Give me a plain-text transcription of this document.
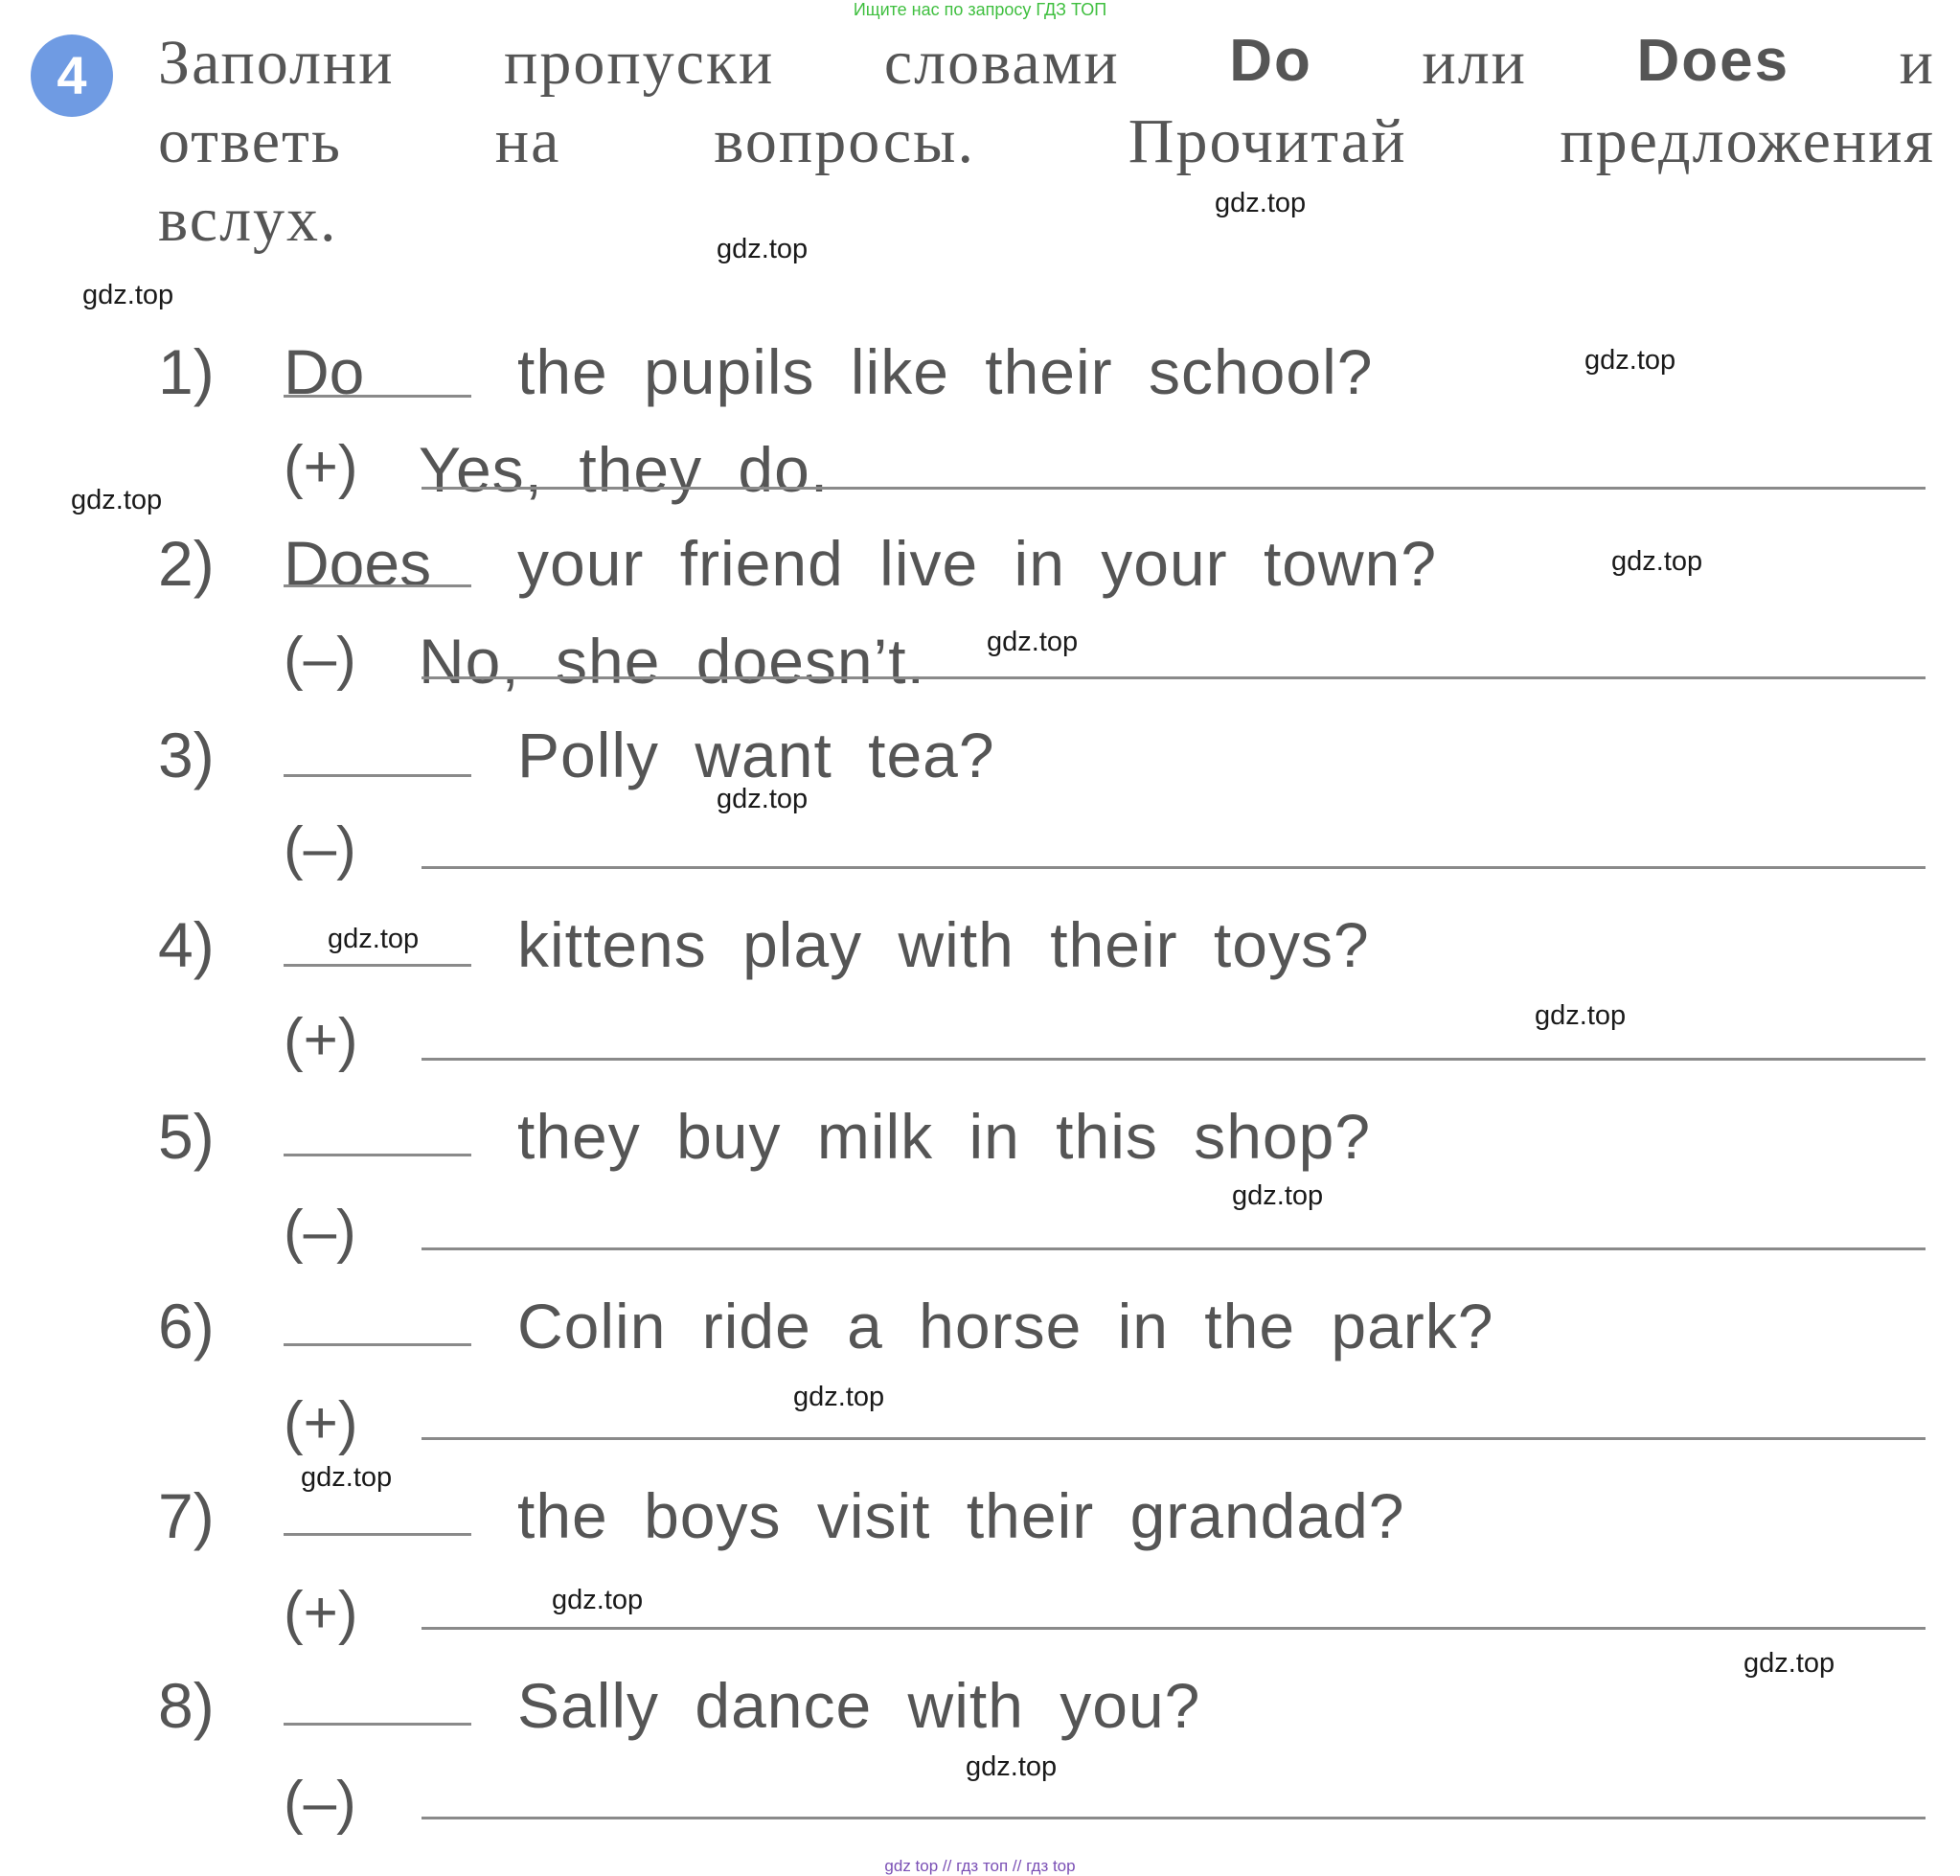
Ищите нас по запросу ГДЗ ТОП
4	Заполни пропуски словами Do или Does и
ответь на вопросы. Прочитай предложения
вслух.
1) Do the pupils like their school?
(+) Yes, they do.
2) Does your friend live in your town?
(–) No, she doesn’t.
3)	Polly want tea?
(–)
4)	kittens play with their toys?
(+)
5)	they buy milk in this shop?
(–)
6)	Colin ride a horse in the park?
(+)
7)	the boys visit their grandad?
(+)
8)	Sally dance with you?
(–)
gdz.top
gdz.top
gdz.top
gdz.top
gdz.top
gdz.top
gdz.top
gdz.top
gdz.top
gdz.top
gdz.top
gdz.top
gdz.top
gdz.top
gdz.top
gdz.top
gdz top // гдз топ // гдз top
